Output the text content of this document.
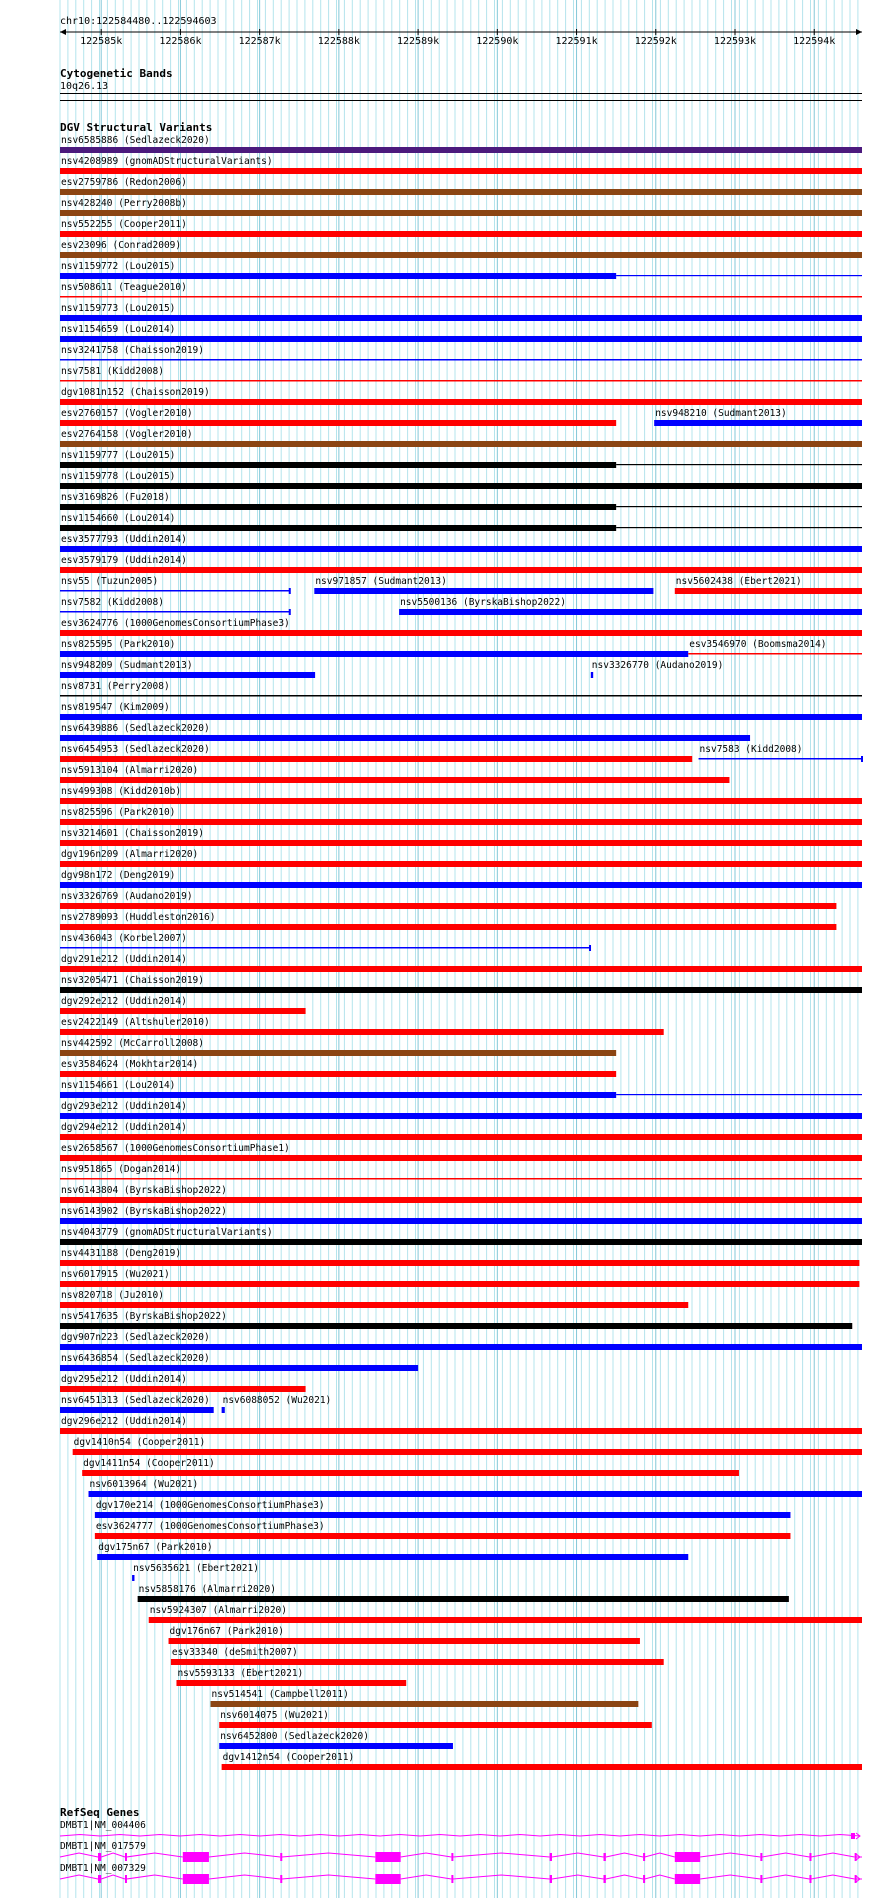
chr10:122584480..122594603
122585k	122586k	122587k	122588k	122589k	122590k	122591k	122592k	122593k	122594k
Cytogenetic Bands
10q26.13
DGV Structural Variants
nsv6585886 (Sedlazeck2020)
nsv4208989 (gnomADStructuralVariants)
esv2759786 (Redon2006)
nsv428240 (Perry2008b)
nsv552255 (Cooper2011)
esv23096 (Conrad2009)
nsv1159772 (Lou2015)
nsv508611 (Teague2010)
nsv1159773 (Lou2015)
nsv1154659 (Lou2014)
nsv3241758 (Chaisson2019)
nsv7581 (Kidd2008)
dgv1081n152 (Chaisson2019)
esv2760157 (Vogler2010)	nsv948210 (Sudmant2013)
esv2764158 (Vogler2010)
nsv1159777 (Lou2015)
nsv1159778 (Lou2015)
nsv3169826 (Fu2018)
nsv1154660 (Lou2014)
esv3577793 (Uddin2014)
esv3579179 (Uddin2014)
nsv55 (Tuzun2005)	nsv971857 (Sudmant2013)	nsv5602438 (Ebert2021)
nsv7582 (Kidd2008)	nsv5500136 (ByrskaBishop2022)
esv3624776 (1000GenomesConsortiumPhase3)
nsv825595 (Park2010)	esv3546970 (Boomsma2014)
nsv948209 (Sudmant2013)	nsv3326770 (Audano2019)
nsv8731 (Perry2008)
nsv819547 (Kim2009)
nsv6439886 (Sedlazeck2020)
nsv6454953 (Sedlazeck2020)	nsv7583 (Kidd2008)
nsv5913104 (Almarri2020)
nsv499308 (Kidd2010b)
nsv825596 (Park2010)
nsv3214601 (Chaisson2019)
dgv196n209 (Almarri2020)
dgv98n172 (Deng2019)
nsv3326769 (Audano2019)
nsv2789093 (Huddleston2016)
nsv436043 (Korbel2007)
dgv291e212 (Uddin2014)
nsv3205471 (Chaisson2019)
dgv292e212 (Uddin2014)
esv2422149 (Altshuler2010)
nsv442592 (McCarroll2008)
esv3584624 (Mokhtar2014)
nsv1154661 (Lou2014)
dgv293e212 (Uddin2014)
dgv294e212 (Uddin2014)
esv2658567 (1000GenomesConsortiumPhase1)
nsv951865 (Dogan2014)
nsv6143804 (ByrskaBishop2022)
nsv6143902 (ByrskaBishop2022)
nsv4043779 (gnomADStructuralVariants)
nsv4431188 (Deng2019)
nsv6017915 (Wu2021)
nsv820718 (Ju2010)
nsv5417635 (ByrskaBishop2022)
dgv907n223 (Sedlazeck2020)
nsv6436854 (Sedlazeck2020)
dgv295e212 (Uddin2014)
nsv6451313 (Sedlazeck2020) nsv6088052 (Wu2021)
dgv296e212 (Uddin2014)
dgv1410n54 (Cooper2011)
dgv1411n54 (Cooper2011)
nsv6013964 (Wu2021)
dgv170e214 (1000GenomesConsortiumPhase3)
esv3624777 (1000GenomesConsortiumPhase3)
dgv175n67 (Park2010)
nsv5635621 (Ebert2021)
nsv5858176 (Almarri2020)
nsv5924307 (Almarri2020)
dgv176n67 (Park2010)
esv33340 (deSmith2007)
nsv5593133 (Ebert2021)
nsv514541 (Campbell2011)
nsv6014075 (Wu2021)
nsv6452800 (Sedlazeck2020)
dgv1412n54 (Cooper2011)
RefSeq Genes
DMBT1|NM_004406
DMBT1|NM_017579
DMBT1|NM_007329
